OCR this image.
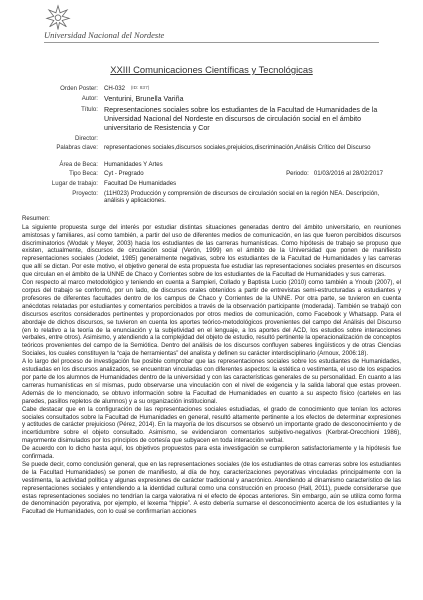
Universidad Nacional del Nordeste
XXIII Comunicaciones Científicas y Tecnológicas
Orden Poster: CH-032 (ID: 837)
Autor: Venturini, Brunella Variña
Título: Representaciones sociales sobre los estudiantes de la Facultad de Humanidades de la Universidad Nacional del Nordeste en discursos de circulación social en el ámbito universitario de Resistencia y Cor
Director:
Palabras clave: representaciones sociales,discursos sociales,prejuicios,discriminación,Análisis Crítico del Discurso
Área de Beca: Humanidades Y Artes
Tipo Beca: Cyt - Pregrado	Periodo: 01/03/2016 al 28/02/2017
Lugar de trabajo: Facultad De Humanidades
Proyecto: (11H023) Producción y comprensión de discursos de circulación social en la región NEA. Descripción, análisis y aplicaciones.
Resumen:

La siguiente propuesta surge del interés por estudiar distintas situaciones generadas dentro del ámbito universitario, en reuniones amistosas y familiares, así como también, a partir del uso de diferentes medios de comunicación, en las que fueron percibidos discursos discriminatorios (Wodak y Meyer, 2003) hacia los estudiantes de las carreras humanísticas. Como hipótesis de trabajo se propuso que existen, actualmente, discursos de circulación social (Verón, 1999) en el ámbito de la Universidad que ponen de manifiesto representaciones sociales (Jodelet, 1985) generalmente negativas, sobre los estudiantes de la Facultad de Humanidades y las carreras que allí se dictan. Por este motivo, el objetivo general de esta propuesta fue estudiar las representaciones sociales presentes en discursos que circulan en el ámbito de la UNNE de Chaco y Corrientes sobre de los estudiantes de la Facultad de Humanidades y sus carreras.

Con respecto al marco metodológico y teniendo en cuenta a Sampieri, Collado y Baptista Lucio (2010) como también a Ynoub (2007), el corpus del trabajo se conformó, por un lado, de discursos orales obtenidos a partir de entrevistas semi-estructuradas a estudiantes y profesores de diferentes facultades dentro de los campus de Chaco y Corrientes de la UNNE. Por otra parte, se tuvieron en cuenta anécdotas relatadas por estudiantes y comentarios percibidos a través de la observación participante (moderada). También se trabajó con discursos escritos considerados pertinentes y proporcionados por otros medios de comunicación, como Facebook y Whatsapp. Para el abordaje de dichos discursos, se tuvieron en cuenta los aportes teórico-metodológicos provenientes del campo del Análisis del Discurso (en lo relativo a la teoría de la enunciación y la subjetividad en el lenguaje, a los aportes del ACD, los estudios sobre interacciones verbales, entre otros). Asimismo, y atendiendo a la complejidad del objeto de estudio, resultó pertinente la operacionalización de conceptos teóricos provenientes del campo de la Semiótica. Dentro del análisis de los discursos confluyen saberes lingüísticos y de otras Ciencias Sociales, los cuales constituyen la “caja de herramientas” del analista y definen su carácter interdisciplinario (Arnoux, 2006:18).

A lo largo del proceso de investigación fue posible comprobar que las representaciones sociales sobre los estudiantes de Humanidades, estudiadas en los discursos analizados, se encuentran vinculadas con diferentes aspectos: la estética o vestimenta, el uso de los espacios por parte de los alumnos de Humanidades dentro de la universidad y con las características generales de su personalidad. En cuanto a las carreras humanísticas en sí mismas, pudo observarse una vinculación con el nivel de exigencia y la salida laboral que estas proveen. Además de lo mencionado, se obtuvo información sobre la Facultad de Humanidades en cuanto a su aspecto físico (carteles en las paredes, pasillos repletos de alumnos) y a su organización institucional.

Cabe destacar que en la configuración de las representaciones sociales estudiadas, el grado de conocimiento que tenían los actores sociales consultados sobre la Facultad de Humanidades en general, resultó altamente pertinente a los efectos de determinar expresiones y actitudes de carácter prejuicioso (Pérez, 2014). En la mayoría de los discursos se observó un importante grado de desconocimiento y de incertidumbre sobre el objeto consultado. Asimismo, se evidenciaron comentarios subjetivo-negativos (Kerbrat-Orecchioni 1986), mayormente disimulados por los principios de cortesía que subyacen en toda interacción verbal.

De acuerdo con lo dicho hasta aquí, los objetivos propuestos para esta investigación se cumplieron satisfactoriamente y la hipótesis fue confirmada.

Se puede decir, como conclusión general, que en las representaciones sociales (de los estudiantes de otras carreras sobre los estudiantes de la Facultad Humanidades) se ponen de manifiesto, al día de hoy, caracterizaciones peyorativas vinculadas principalmente con la vestimenta, la actividad política y algunas expresiones de carácter tradicional y anacrónico. Atendiendo al dinamismo característico de las representaciones sociales y entendiendo a la identidad cultural como una construcción en proceso (Hall, 2011), puede considerarse que estas representaciones sociales no tendrían la carga valorativa ni el efecto de épocas anteriores. Sin embargo, aún se utiliza como forma de denominación peyorativa, por ejemplo, el lexema “hippie”. A esto debería sumarse el desconocimiento acerca de los estudiantes y la Facultad de Humanidades, con lo cual se confirmarían acciones
